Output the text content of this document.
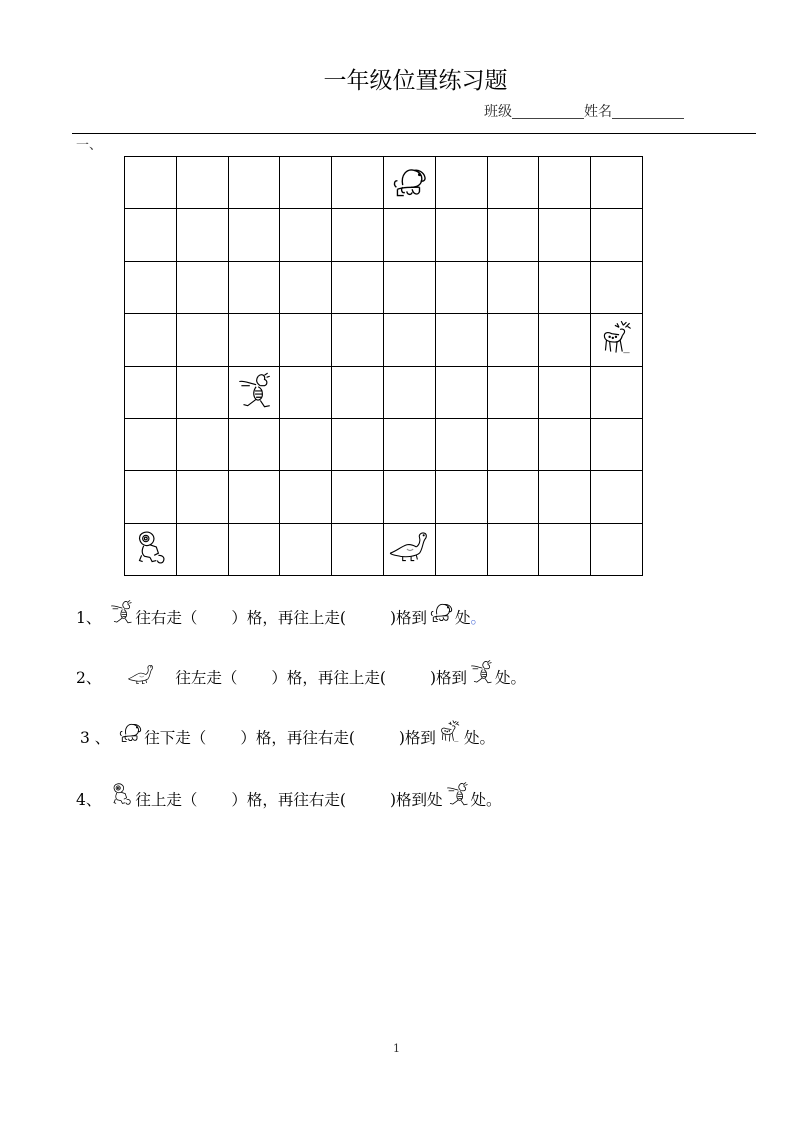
一年级位置练习题
班级	姓名
一、
1、 往右走（ ）格，再往上走(	)格到 处 。
2、	往左走（ ）格，再往上走(	)格到 处。
3 、 往下走（ ）格，再往右走(	)格到 处。
4、 往上走（ ）格，再往右走(	)格到处 处。
1
